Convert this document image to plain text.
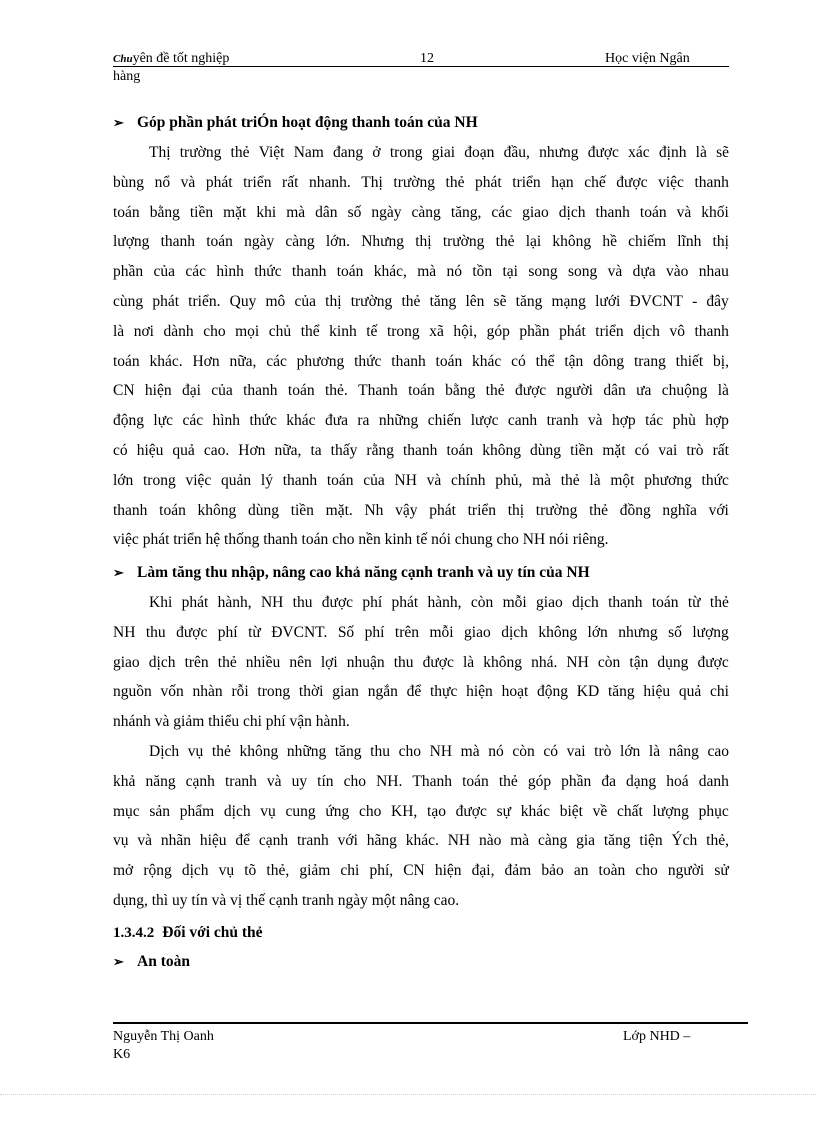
Chuyên đề tốt nghiệp	12	Học viện Ngân
hàng
➢ Góp phần phát triÓn hoạt động thanh toán của NH
Thị trường thẻ Việt Nam đang ở trong giai đoạn đầu, nhưng được xác định là sẽ
bùng nổ và phát triển rất nhanh. Thị trường thẻ phát triển hạn chế được việc thanh
toán bằng tiền mặt khi mà dân số ngày càng tăng, các giao dịch thanh toán và khối
lượng thanh toán ngày càng lớn. Nhưng thị trường thẻ lại không hề chiếm lĩnh thị
phần của các hình thức thanh toán khác, mà nó tồn tại song song và dựa vào nhau
cùng phát triển. Quy mô của thị trường thẻ tăng lên sẽ tăng mạng lưới ĐVCNT - đây
là nơi dành cho mọi chủ thể kinh tế trong xã hội, góp phần phát triển dịch vô thanh
toán khác. Hơn nữa, các phương thức thanh toán khác có thể tận dông trang thiết bị,
CN hiện đại của thanh toán thẻ. Thanh toán bằng thẻ được người dân ưa chuộng là
động lực các hình thức khác đưa ra những chiến lược canh tranh và hợp tác phù hợp
có hiệu quả cao. Hơn nữa, ta thấy rằng thanh toán không dùng tiền mặt có vai trò rất
lớn trong việc quản lý thanh toán của NH và chính phủ, mà thẻ là một phương thức
thanh toán không dùng tiền mặt. Nh vậy phát triển thị trường thẻ đồng nghĩa với
việc phát triển hệ thống thanh toán cho nền kinh tế nói chung cho NH nói riêng.
➢ Làm tăng thu nhập, nâng cao khả năng cạnh tranh và uy tín của NH
Khi phát hành, NH thu được phí phát hành, còn mỗi giao dịch thanh toán từ thẻ
NH thu được phí từ ĐVCNT. Số phí trên mỗi giao dịch không lớn nhưng số lượng
giao dịch trên thẻ nhiều nên lợi nhuận thu được là không nhá. NH còn tận dụng được
nguồn vốn nhàn rỗi trong thời gian ngắn để thực hiện hoạt động KD tăng hiệu quả chi
nhánh và giảm thiểu chi phí vận hành.
Dịch vụ thẻ không những tăng thu cho NH mà nó còn có vai trò lớn là nâng cao
khả năng cạnh tranh và uy tín cho NH. Thanh toán thẻ góp phần đa dạng hoá danh
mục sản phẩm dịch vụ cung ứng cho KH, tạo được sự khác biệt về chất lượng phục
vụ và nhãn hiệu để cạnh tranh với hãng khác. NH nào mà càng gia tăng tiện Ých thẻ,
mở rộng dịch vụ tõ thẻ, giảm chi phí, CN hiện đại, đảm bảo an toàn cho người sử
dụng, thì uy tín và vị thế cạnh tranh ngày một nâng cao.
1.3.4.2 Đối với chủ thẻ
➢ An toàn
Nguyễn Thị Oanh
K6
Lớp NHD –
